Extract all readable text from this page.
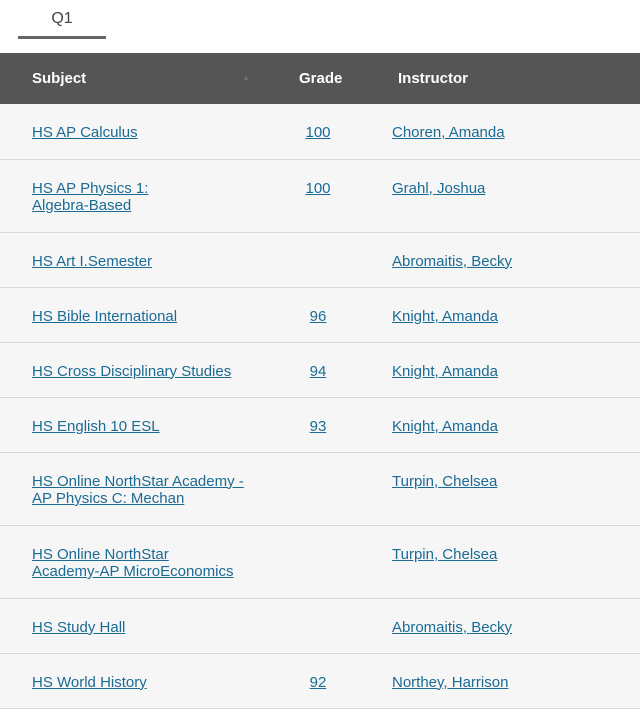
Q1
Subject ▲	Grade	Instructor
HS AP Calculus	100	Choren, Amanda
HS AP Physics 1:
Algebra-Based	100	Grahl, Joshua
HS Art I.Semester		Abromaitis, Becky
HS Bible International	96	Knight, Amanda
HS Cross Disciplinary Studies	94	Knight, Amanda
HS English 10 ESL	93	Knight, Amanda
HS Online NorthStar Academy -
AP Physics C: Mechan		Turpin, Chelsea
HS Online NorthStar
Academy-AP MicroEconomics		Turpin, Chelsea
HS Study Hall		Abromaitis, Becky
HS World History	92	Northey, Harrison
